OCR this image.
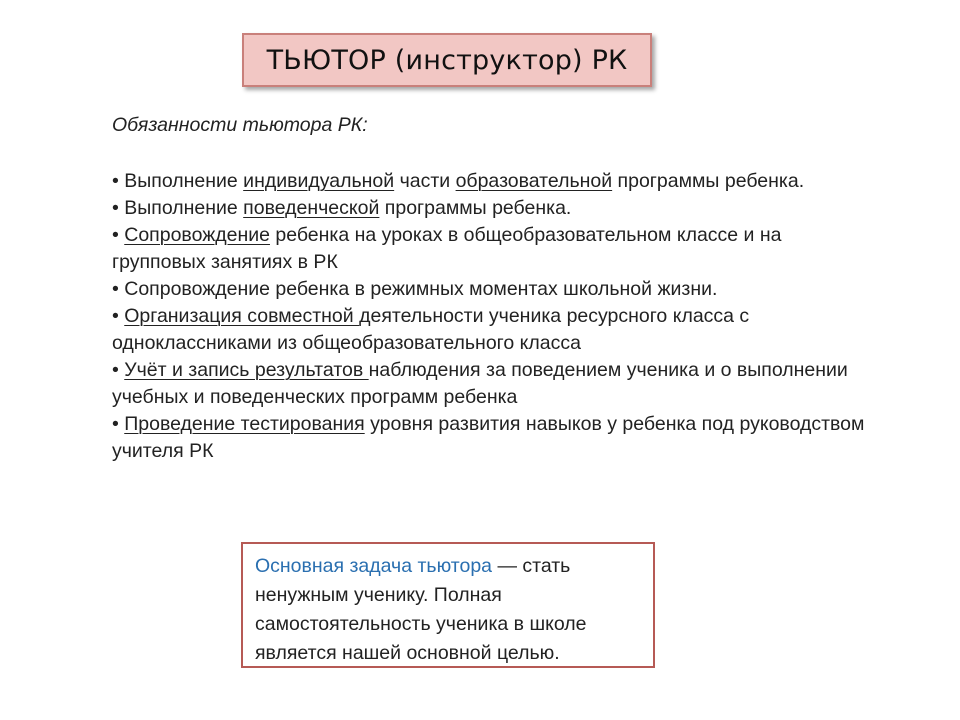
ТЬЮТОР (инструктор) РК

Обязанности тьютора РК:

• Выполнение индивидуальной части образовательной программы ребенка.

• Выполнение поведенческой программы ребенка.

• Сопровождение ребенка на уроках в общеобразовательном классе и на групповых занятиях в РК

• Сопровождение ребенка в режимных моментах школьной жизни.

• Организация совместной деятельности ученика ресурсного класса с одноклассниками из общеобразовательного класса

• Учёт и запись результатов наблюдения за поведением ученика и о выполнении учебных и поведенческих программ ребенка

• Проведение тестирования уровня развития навыков у ребенка под руководством учителя РК

Основная задача тьютора — стать ненужным ученику. Полная самостоятельность ученика в школе является нашей основной целью.
